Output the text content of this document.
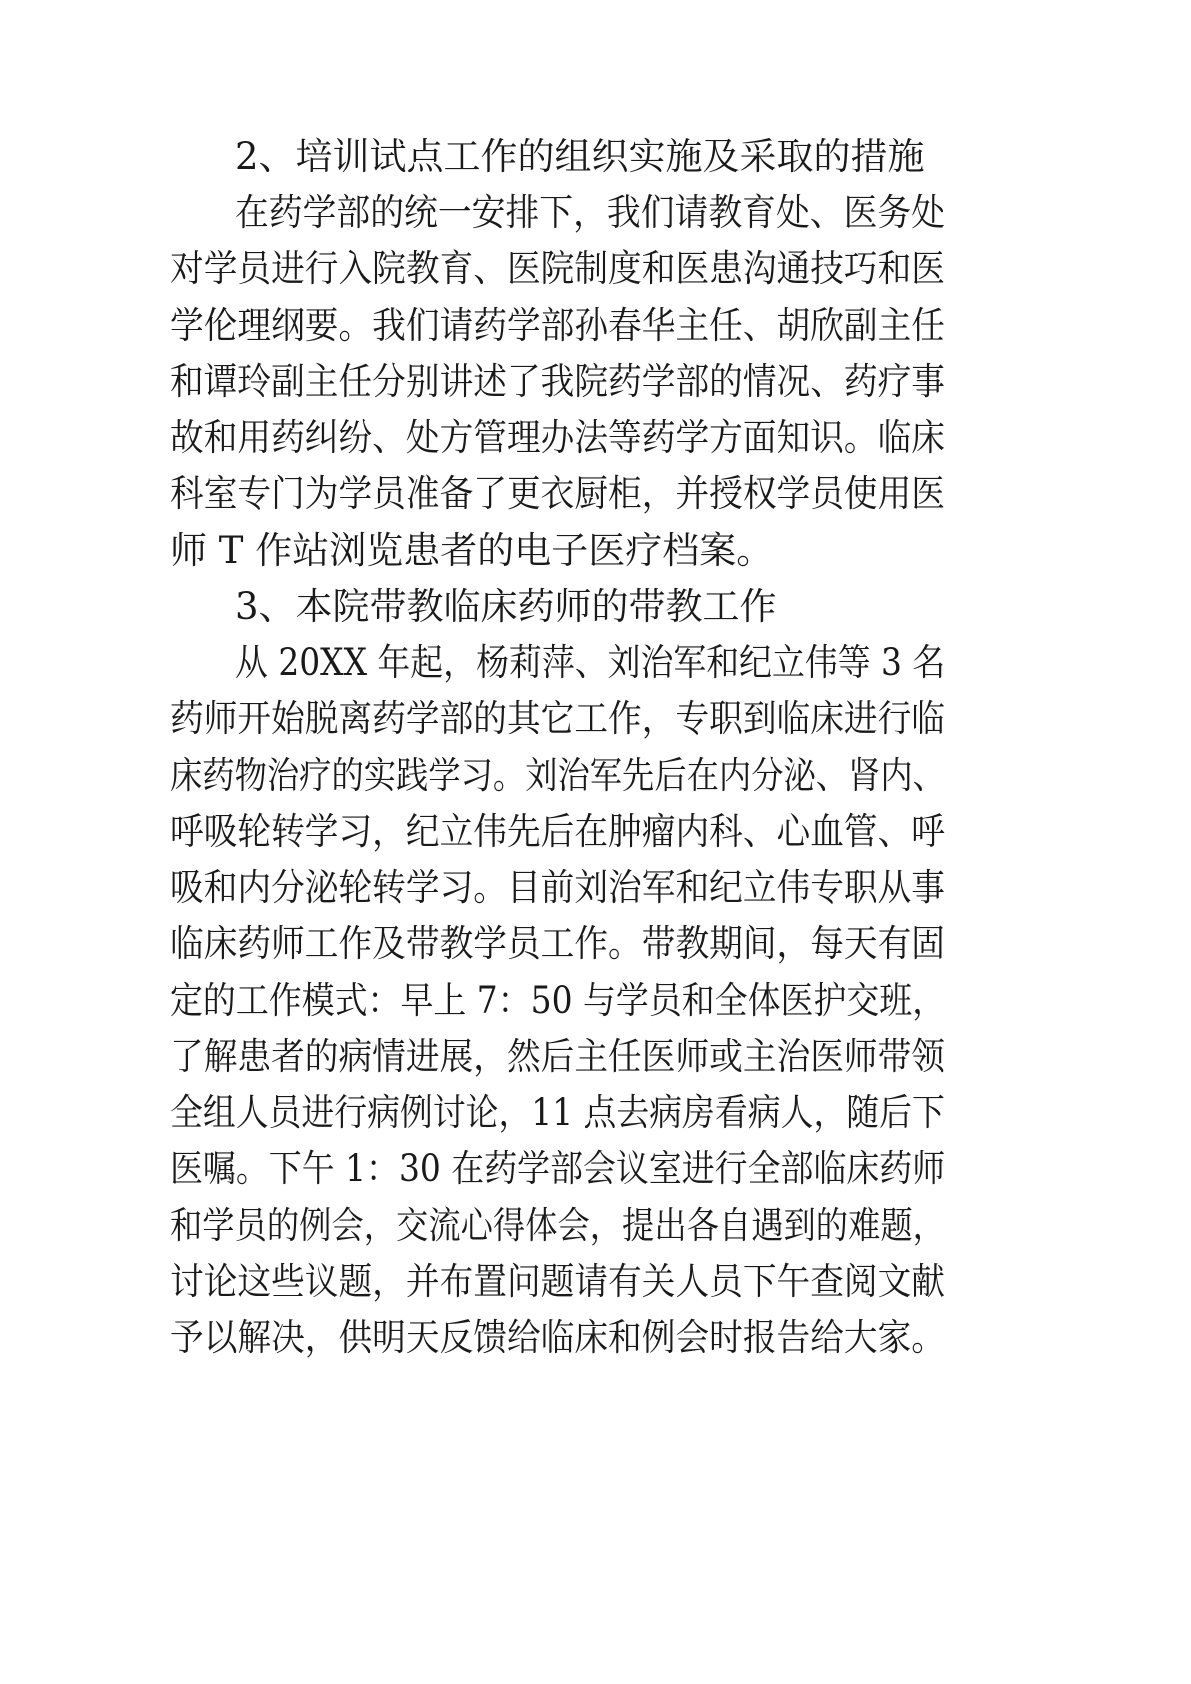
2、培训试点工作的组织实施及采取的措施

在药学部的统一安排下，我们请教育处、医务处

对学员进行入院教育、医院制度和医患沟通技巧和医

学伦理纲要。我们请药学部孙春华主任、胡欣副主任

和谭玲副主任分别讲述了我院药学部的情况、药疗事

故和用药纠纷、处方管理办法等药学方面知识。临床

科室专门为学员准备了更衣厨柜，并授权学员使用医

师 T 作站浏览患者的电子医疗档案。

3、本院带教临床药师的带教工作

从 20XX 年起，杨莉萍、刘治军和纪立伟等 3 名

药师开始脱离药学部的其它工作，专职到临床进行临

床药物治疗的实践学习。刘治军先后在内分泌、肾内、

呼吸轮转学习，纪立伟先后在肿瘤内科、心血管、呼

吸和内分泌轮转学习。目前刘治军和纪立伟专职从事

临床药师工作及带教学员工作。带教期间，每天有固

定的工作模式：早上 7：50 与学员和全体医护交班，

了解患者的病情进展，然后主任医师或主治医师带领

全组人员进行病例讨论，11 点去病房看病人，随后下

医嘱。下午 1：30 在药学部会议室进行全部临床药师

和学员的例会，交流心得体会，提出各自遇到的难题，

讨论这些议题，并布置问题请有关人员下午查阅文献

予以解决，供明天反馈给临床和例会时报告给大家。
